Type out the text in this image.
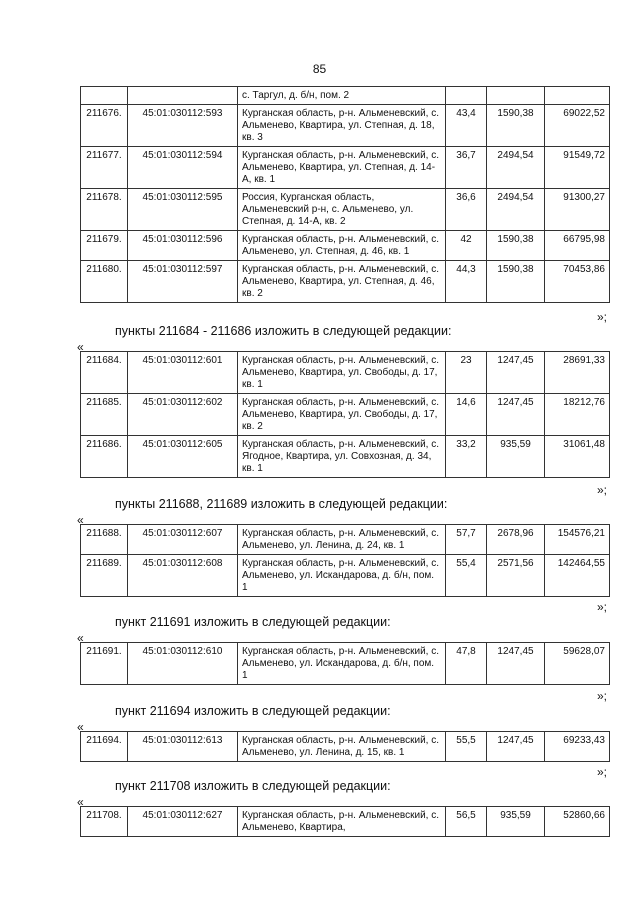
85
		с. Таргул, д. б/н, пом. 2			
211676.	45:01:030112:593	Курганская область, р-н. Альменевский, с. Альменево, Квартира, ул. Степная, д. 18, кв. 3	43,4	1590,38	69022,52
211677.	45:01:030112:594	Курганская область, р-н. Альменевский, с. Альменево, Квартира, ул. Степная, д. 14-А, кв. 1	36,7	2494,54	91549,72
211678.	45:01:030112:595	Россия, Курганская область, Альменевский р-н, с. Альменево, ул. Степная, д. 14-А, кв. 2	36,6	2494,54	91300,27
211679.	45:01:030112:596	Курганская область, р-н. Альменевский, с. Альменево, ул. Степная, д. 46, кв. 1	42	1590,38	66795,98
211680.	45:01:030112:597	Курганская область, р-н. Альменевский, с. Альменево, Квартира, ул. Степная, д. 46, кв. 2	44,3	1590,38	70453,86
»;
пункты 211684 - 211686 изложить в следующей редакции:
«
211684.	45:01:030112:601	Курганская область, р-н. Альменевский, с. Альменево, Квартира, ул. Свободы, д. 17, кв. 1	23	1247,45	28691,33
211685.	45:01:030112:602	Курганская область, р-н. Альменевский, с. Альменево, Квартира, ул. Свободы, д. 17, кв. 2	14,6	1247,45	18212,76
211686.	45:01:030112:605	Курганская область, р-н. Альменевский, с. Ягодное, Квартира, ул. Совхозная, д. 34, кв. 1	33,2	935,59	31061,48
»;
пункты 211688, 211689 изложить в следующей редакции:
«
211688.	45:01:030112:607	Курганская область, р-н. Альменевский, с. Альменево, ул. Ленина, д. 24, кв. 1	57,7	2678,96	154576,21
211689.	45:01:030112:608	Курганская область, р-н. Альменевский, с. Альменево, ул. Искандарова, д. б/н, пом. 1	55,4	2571,56	142464,55
»;
пункт 211691 изложить в следующей редакции:
«
211691.	45:01:030112:610	Курганская область, р-н. Альменевский, с. Альменево, ул. Искандарова, д. б/н, пом. 1	47,8	1247,45	59628,07
»;
пункт 211694 изложить в следующей редакции:
«
211694.	45:01:030112:613	Курганская область, р-н. Альменевский, с. Альменево, ул. Ленина, д. 15, кв. 1	55,5	1247,45	69233,43
»;
пункт 211708 изложить в следующей редакции:
«
211708.	45:01:030112:627	Курганская область, р-н. Альменевский, с. Альменево, Квартира,	56,5	935,59	52860,66
